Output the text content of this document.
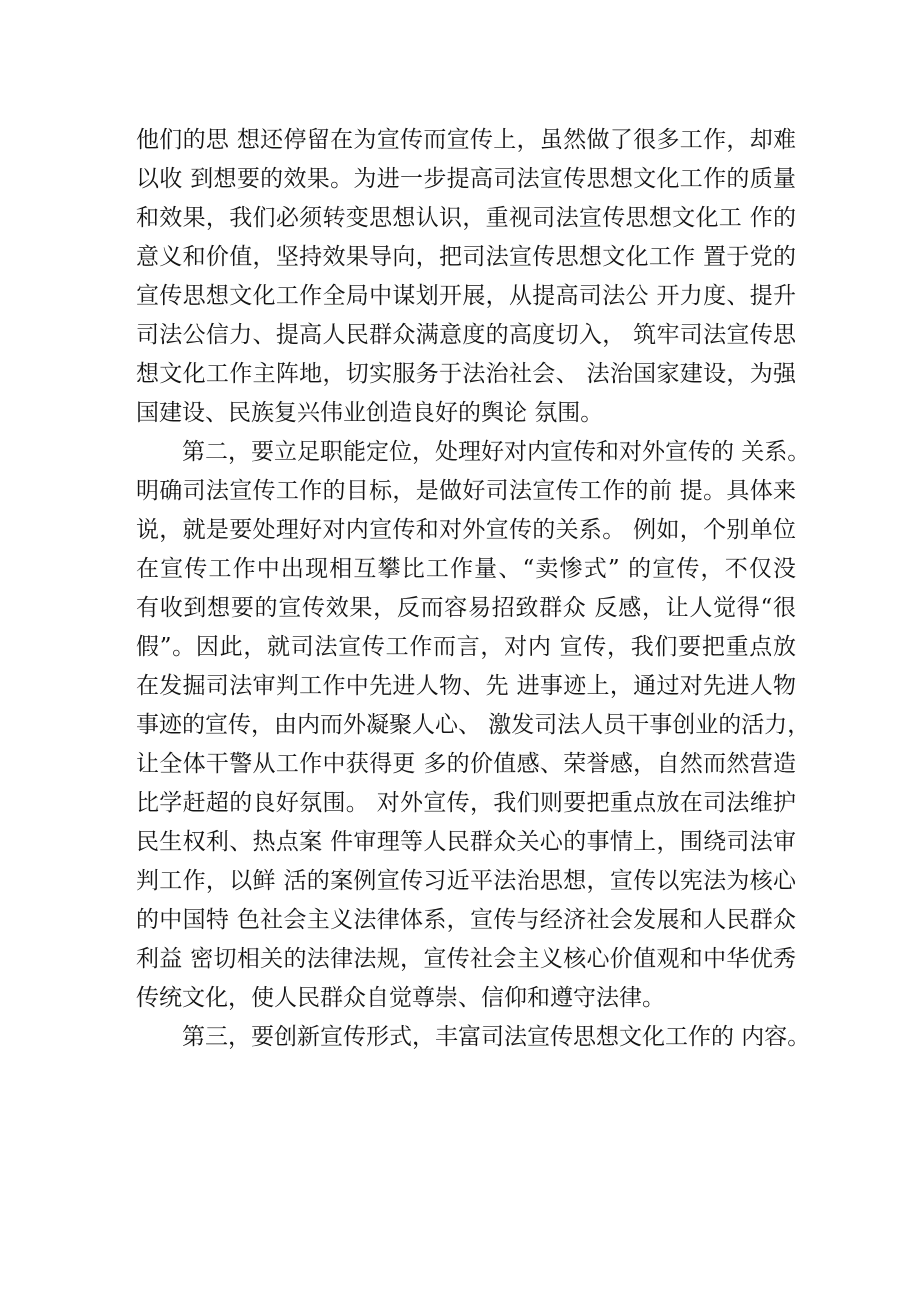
他们的思 想还停留在为宣传而宣传上，虽然做了很多工作，却难
以收 到想要的效果。为进一步提高司法宣传思想文化工作的质量
和效果，我们必须转变思想认识，重视司法宣传思想文化工 作的
意义和价值，坚持效果导向，把司法宣传思想文化工作 置于党的
宣传思想文化工作全局中谋划开展，从提高司法公 开力度、提升
司法公信力、提高人民群众满意度的高度切入， 筑牢司法宣传思
想文化工作主阵地，切实服务于法治社会、 法治国家建设，为强
国建设、民族复兴伟业创造良好的舆论 氛围。
第二，要立足职能定位，处理好对内宣传和对外宣传的 关系。
明确司法宣传工作的目标，是做好司法宣传工作的前 提。具体来
说，就是要处理好对内宣传和对外宣传的关系。 例如，个别单位
在宣传工作中出现相互攀比工作量、“卖惨式” 的宣传，不仅没
有收到想要的宣传效果，反而容易招致群众 反感，让人觉得“很
假”。因此，就司法宣传工作而言，对内 宣传，我们要把重点放
在发掘司法审判工作中先进人物、先 进事迹上，通过对先进人物
事迹的宣传，由内而外凝聚人心、 激发司法人员干事创业的活力，
让全体干警从工作中获得更 多的价值感、荣誉感，自然而然营造
比学赶超的良好氛围。 对外宣传，我们则要把重点放在司法维护
民生权利、热点案 件审理等人民群众关心的事情上，围绕司法审
判工作，以鲜 活的案例宣传习近平法治思想，宣传以宪法为核心
的中国特 色社会主义法律体系，宣传与经济社会发展和人民群众
利益 密切相关的法律法规，宣传社会主义核心价值观和中华优秀
传统文化，使人民群众自觉尊崇、信仰和遵守法律。
第三，要创新宣传形式，丰富司法宣传思想文化工作的 内容。
